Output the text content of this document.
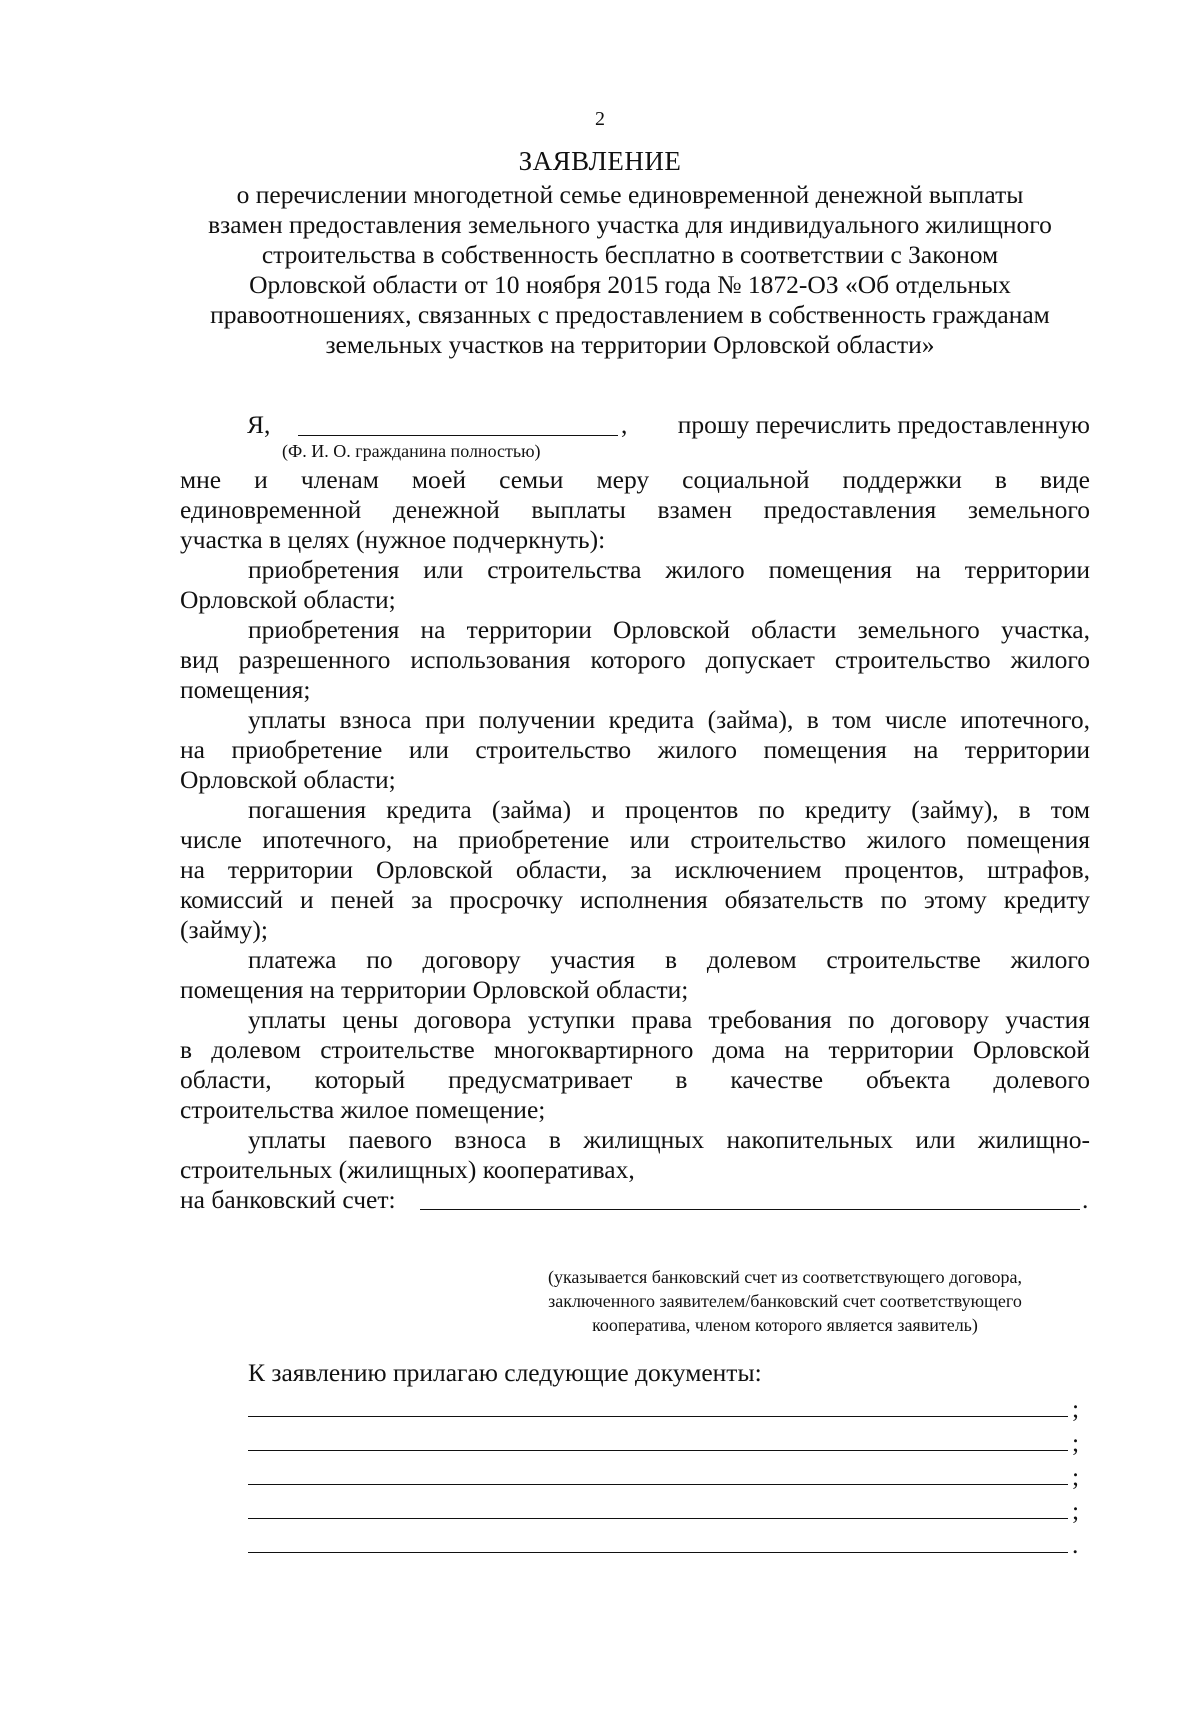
2
ЗАЯВЛЕНИЕ
о перечислении многодетной семье единовременной денежной выплаты
взамен предоставления земельного участка для индивидуального жилищного
строительства в собственность бесплатно в соответствии с Законом
Орловской области от 10 ноября 2015 года № 1872-ОЗ «Об отдельных
правоотношениях, связанных с предоставлением в собственность гражданам
земельных участков на территории Орловской области»
Я,	,	прошу перечислить предоставленную
(Ф. И. О. гражданина полностью)
мне и членам моей семьи меру социальной поддержки в виде
единовременной денежной выплаты взамен предоставления земельного
участка в целях (нужное подчеркнуть):
приобретения или строительства жилого помещения на территории
Орловской области;
приобретения на территории Орловской области земельного участка,
вид разрешенного использования которого допускает строительство жилого
помещения;
уплаты взноса при получении кредита (займа), в том числе ипотечного,
на приобретение или строительство жилого помещения на территории
Орловской области;
погашения кредита (займа) и процентов по кредиту (займу), в том
числе ипотечного, на приобретение или строительство жилого помещения
на территории Орловской области, за исключением процентов, штрафов,
комиссий и пеней за просрочку исполнения обязательств по этому кредиту
(займу);
платежа по договору участия в долевом строительстве жилого
помещения на территории Орловской области;
уплаты цены договора уступки права требования по договору участия
в долевом строительстве многоквартирного дома на территории Орловской
области, который предусматривает в качестве объекта долевого
строительства жилое помещение;
уплаты паевого взноса в жилищных накопительных или жилищно-
строительных (жилищных) кооперативах,
на банковский счет:	.
(указывается банковский счет из соответствующего договора,
заключенного заявителем/банковский счет соответствующего
кооператива, членом которого является заявитель)
К заявлению прилагаю следующие документы:
;
;
;
;
.
